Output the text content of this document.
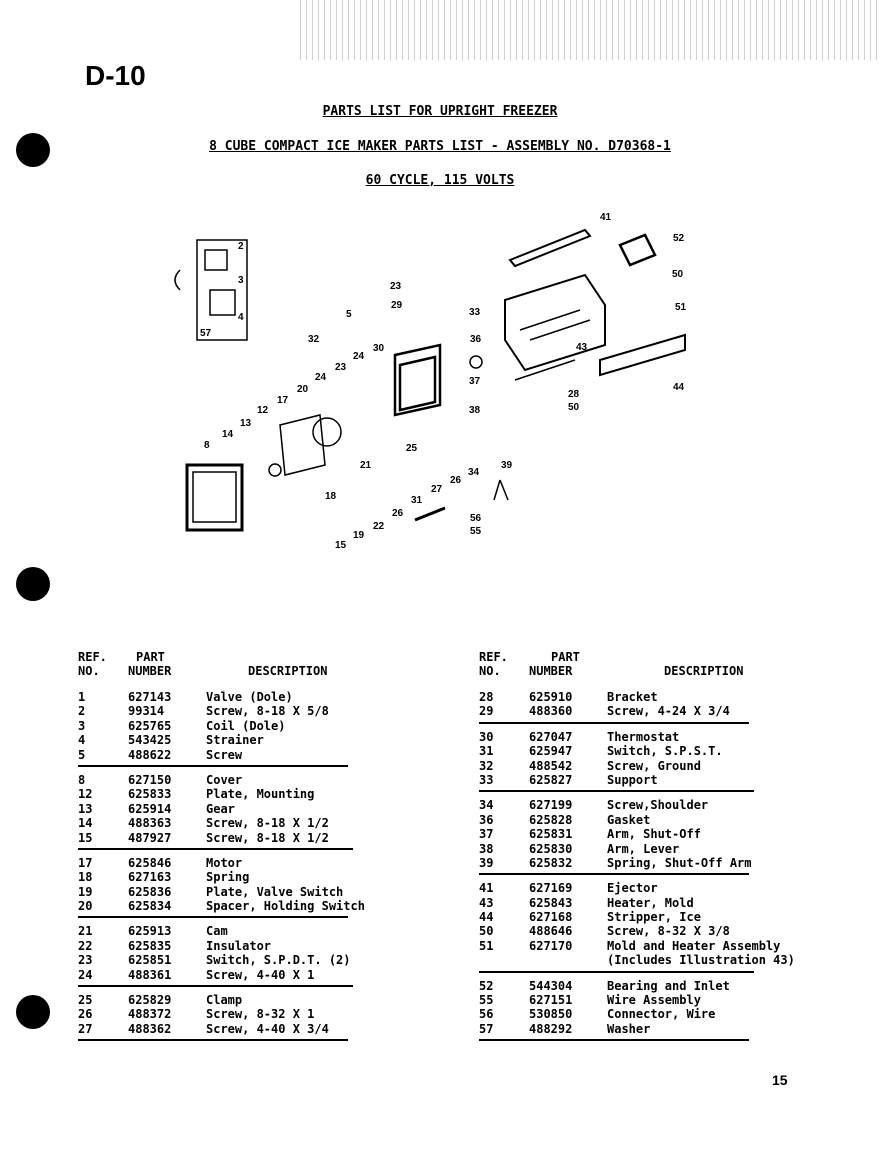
D-10
PARTS LIST FOR UPRIGHT FREEZER
8 CUBE COMPACT ICE MAKER PARTS LIST - ASSEMBLY NO. D70368-1
60 CYCLE, 115 VOLTS
41
52
50
51
2
3
4
57
5
23
29
33
32	36
30
24
23
24
43
37
20
17
12
13
38
28
50
44
14
8	25
21
26
27
34
39
18	31
26
22
19
56
55
15
REF.
NO.
PART
NUMBER	DESCRIPTION
1	627143	Valve (Dole)
2	99314	Screw, 8-18 X 5/8
3	625765	Coil (Dole)
4	543425	Strainer
5	488622	Screw
8	627150	Cover
12	625833	Plate, Mounting
13	625914	Gear
14	488363	Screw, 8-18 X 1/2
15	487927	Screw, 8-18 X 1/2
17	625846	Motor
18	627163	Spring
19	625836	Plate, Valve Switch
20	625834	Spacer, Holding Switch
21	625913	Cam
22	625835	Insulator
23	625851	Switch, S.P.D.T. (2)
24	488361	Screw, 4-40 X 1
25	625829	Clamp
26	488372	Screw, 8-32 X 1
27	488362	Screw, 4-40 X 3/4
REF.
NO.
PART
NUMBER	DESCRIPTION
28	625910	Bracket
29	488360	Screw, 4-24 X 3/4
30	627047	Thermostat
31	625947	Switch, S.P.S.T.
32	488542	Screw, Ground
33	625827	Support
34	627199	Screw,Shoulder
36	625828	Gasket
37	625831	Arm, Shut-Off
38	625830	Arm, Lever
39	625832	Spring, Shut-Off Arm
41	627169	Ejector
43	625843	Heater, Mold
44	627168	Stripper, Ice
50	488646	Screw, 8-32 X 3/8
51	627170	Mold and Heater Assembly
(Includes Illustration 43)
52	544304	Bearing and Inlet
55	627151	Wire Assembly
56	530850	Connector, Wire
57	488292	Washer
15
